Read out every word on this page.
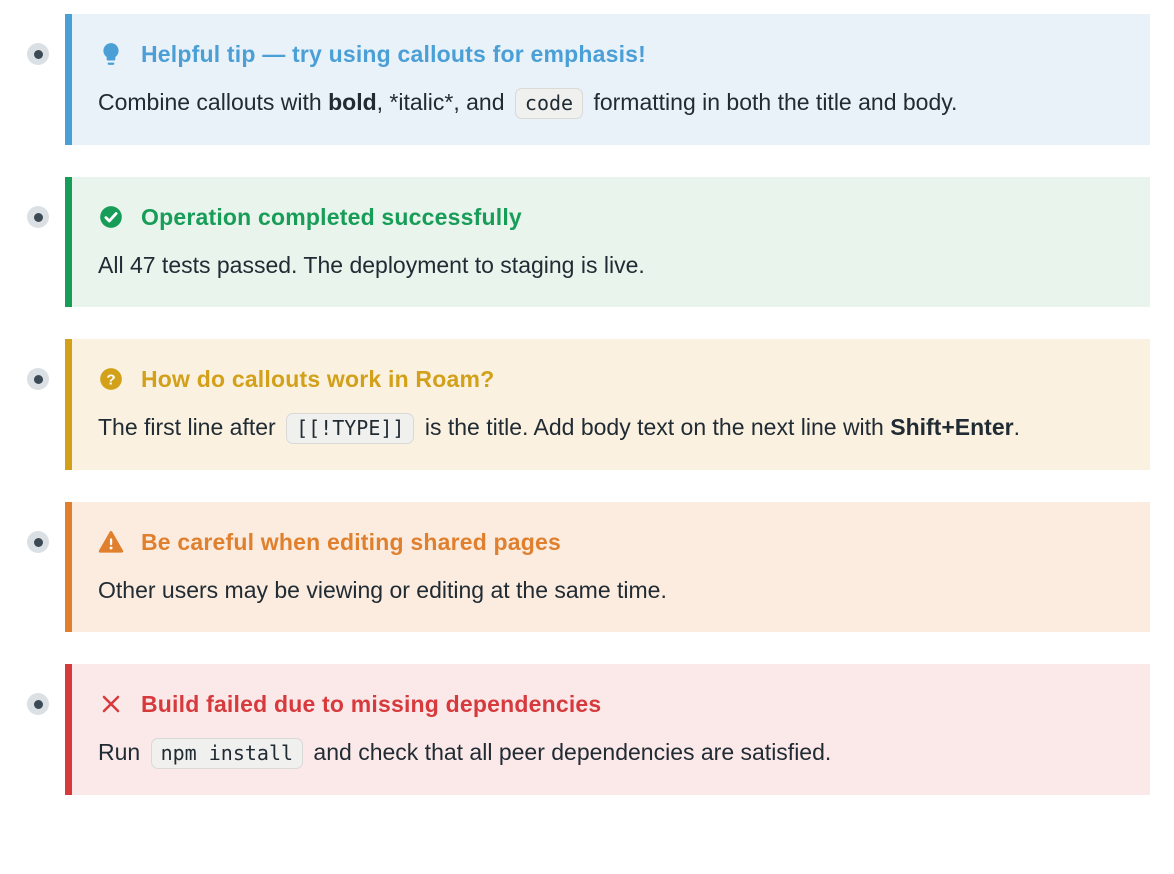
Helpful tip — try using callouts for emphasis!
Combine callouts with bold, *italic*, and code formatting in both the title and body.
Operation completed successfully
All 47 tests passed. The deployment to staging is live.
? How do callouts work in Roam?
The first line after [[!TYPE]] is the title. Add body text on the next line with Shift+Enter.
Be careful when editing shared pages
Other users may be viewing or editing at the same time.
Build failed due to missing dependencies
Run npm install and check that all peer dependencies are satisfied.
